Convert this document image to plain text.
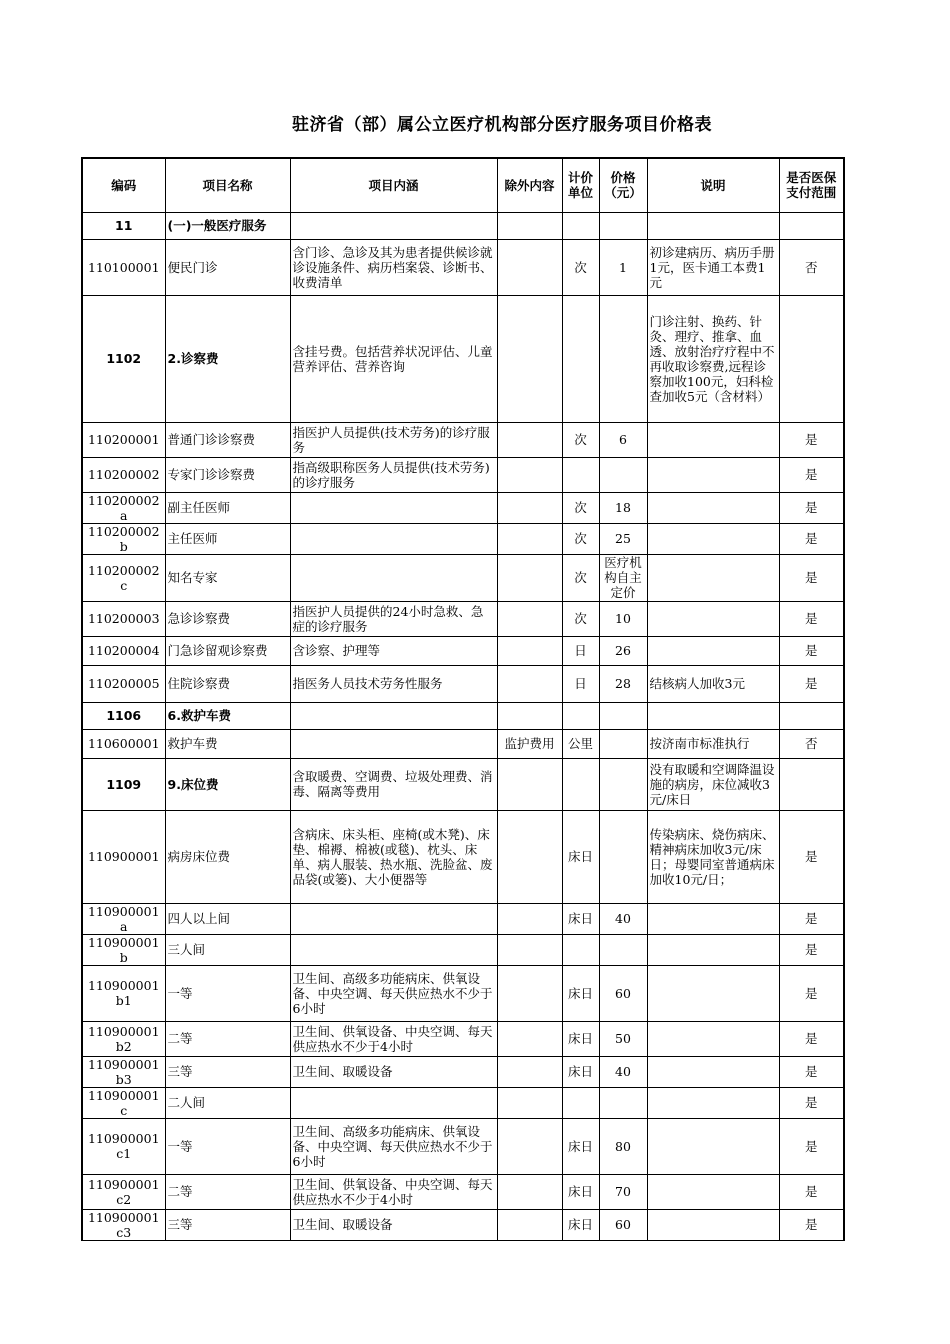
驻济省（部）属公立医疗机构部分医疗服务项目价格表
编码	项目名称	项目内涵	除外内容	计价单位	价格（元）	说明	是否医保支付范围
11	(一)一般医疗服务						
110100001	便民门诊	含门诊、急诊及其为患者提供候诊就诊设施条件、病历档案袋、诊断书、收费清单		次	1	初诊建病历、病历手册1元，医卡通工本费1元	否
1102	2.诊察费	含挂号费。包括营养状况评估、儿童营养评估、营养咨询				门诊注射、换药、针灸、理疗、推拿、血透、放射治疗疗程中不再收取诊察费,远程诊察加收100元，妇科检查加收5元（含材料）	
110200001	普通门诊诊察费	指医护人员提供(技术劳务)的诊疗服务		次	6		是
110200002	专家门诊诊察费	指高级职称医务人员提供(技术劳务)的诊疗服务					是
110200002a	副主任医师			次	18		是
110200002b	主任医师			次	25		是
110200002c	知名专家			次	医疗机构自主定价		是
110200003	急诊诊察费	指医护人员提供的24小时急救、急症的诊疗服务		次	10		是
110200004	门急诊留观诊察费	含诊察、护理等		日	26		是
110200005	住院诊察费	指医务人员技术劳务性服务		日	28	结核病人加收3元	是
1106	6.救护车费						
110600001	救护车费		监护费用	公里		按济南市标准执行	否
1109	9.床位费	含取暖费、空调费、垃圾处理费、消毒、隔离等费用				没有取暖和空调降温设施的病房，床位减收3元/床日	
110900001	病房床位费	含病床、床头柜、座椅(或木凳)、床垫、棉褥、棉被(或毯)、枕头、床单、病人服装、热水瓶、洗脸盆、废品袋(或篓)、大小便器等		床日		传染病床、烧伤病床、精神病床加收3元/床日；母婴同室普通病床加收10元/日；	是
110900001a	四人以上间			床日	40		是
110900001b	三人间						是
110900001b1	一等	卫生间、高级多功能病床、供氧设备、中央空调、每天供应热水不少于6小时		床日	60		是
110900001b2	二等	卫生间、供氧设备、中央空调、每天供应热水不少于4小时		床日	50		是
110900001b3	三等	卫生间、取暖设备		床日	40		是
110900001c	二人间						是
110900001c1	一等	卫生间、高级多功能病床、供氧设备、中央空调、每天供应热水不少于6小时		床日	80		是
110900001c2	二等	卫生间、供氧设备、中央空调、每天供应热水不少于4小时		床日	70		是
110900001c3	三等	卫生间、取暖设备		床日	60		是
